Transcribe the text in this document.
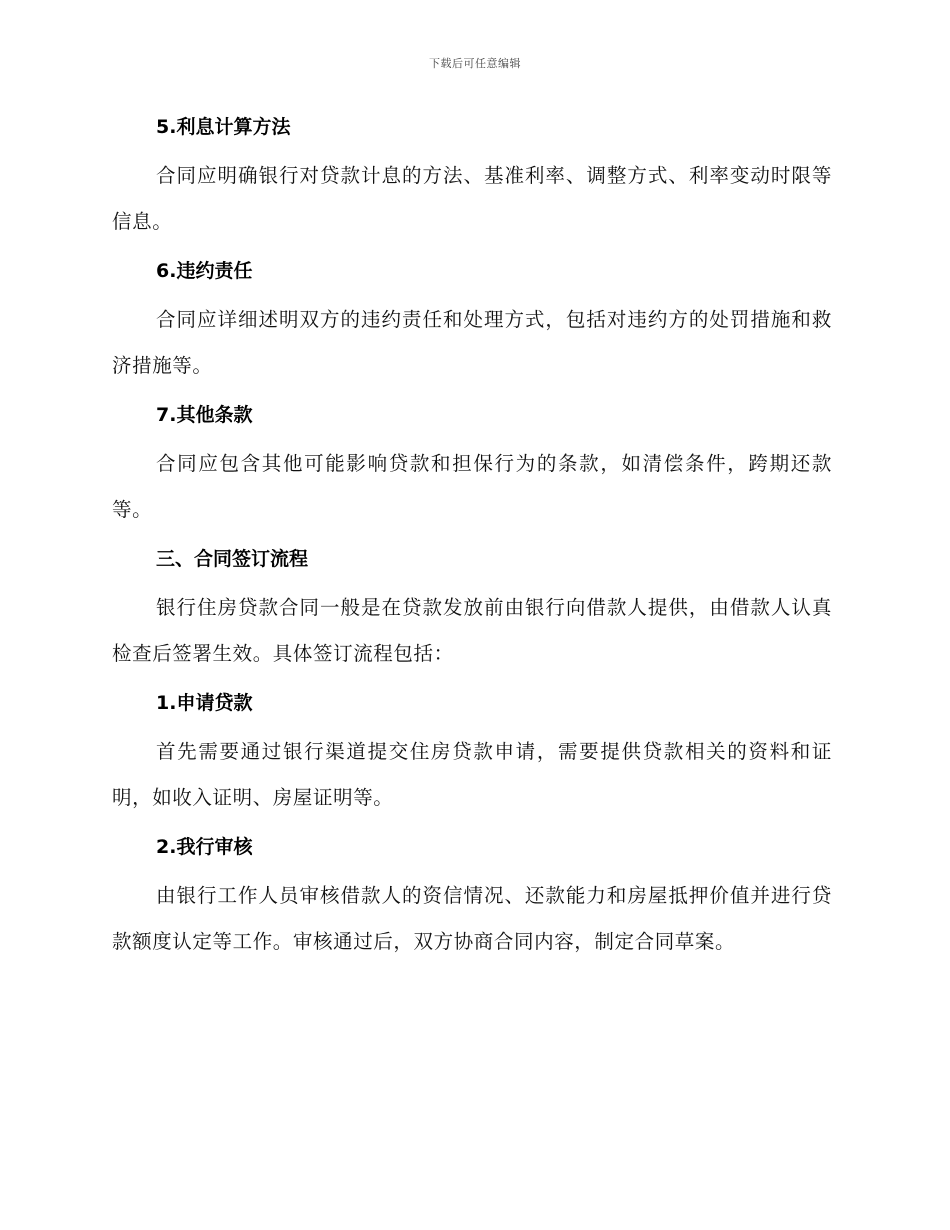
下载后可任意编辑
5.利息计算方法
合同应明确银行对贷款计息的方法、基准利率、调整方式、利率变动时限等信息。
6.违约责任
合同应详细述明双方的违约责任和处理方式，包括对违约方的处罚措施和救济措施等。
7.其他条款
合同应包含其他可能影响贷款和担保行为的条款，如清偿条件，跨期还款等。
三、合同签订流程
银行住房贷款合同一般是在贷款发放前由银行向借款人提供，由借款人认真检查后签署生效。具体签订流程包括：
1.申请贷款
首先需要通过银行渠道提交住房贷款申请，需要提供贷款相关的资料和证明，如收入证明、房屋证明等。
2.我行审核
由银行工作人员审核借款人的资信情况、还款能力和房屋抵押价值并进行贷款额度认定等工作。审核通过后，双方协商合同内容，制定合同草案。
